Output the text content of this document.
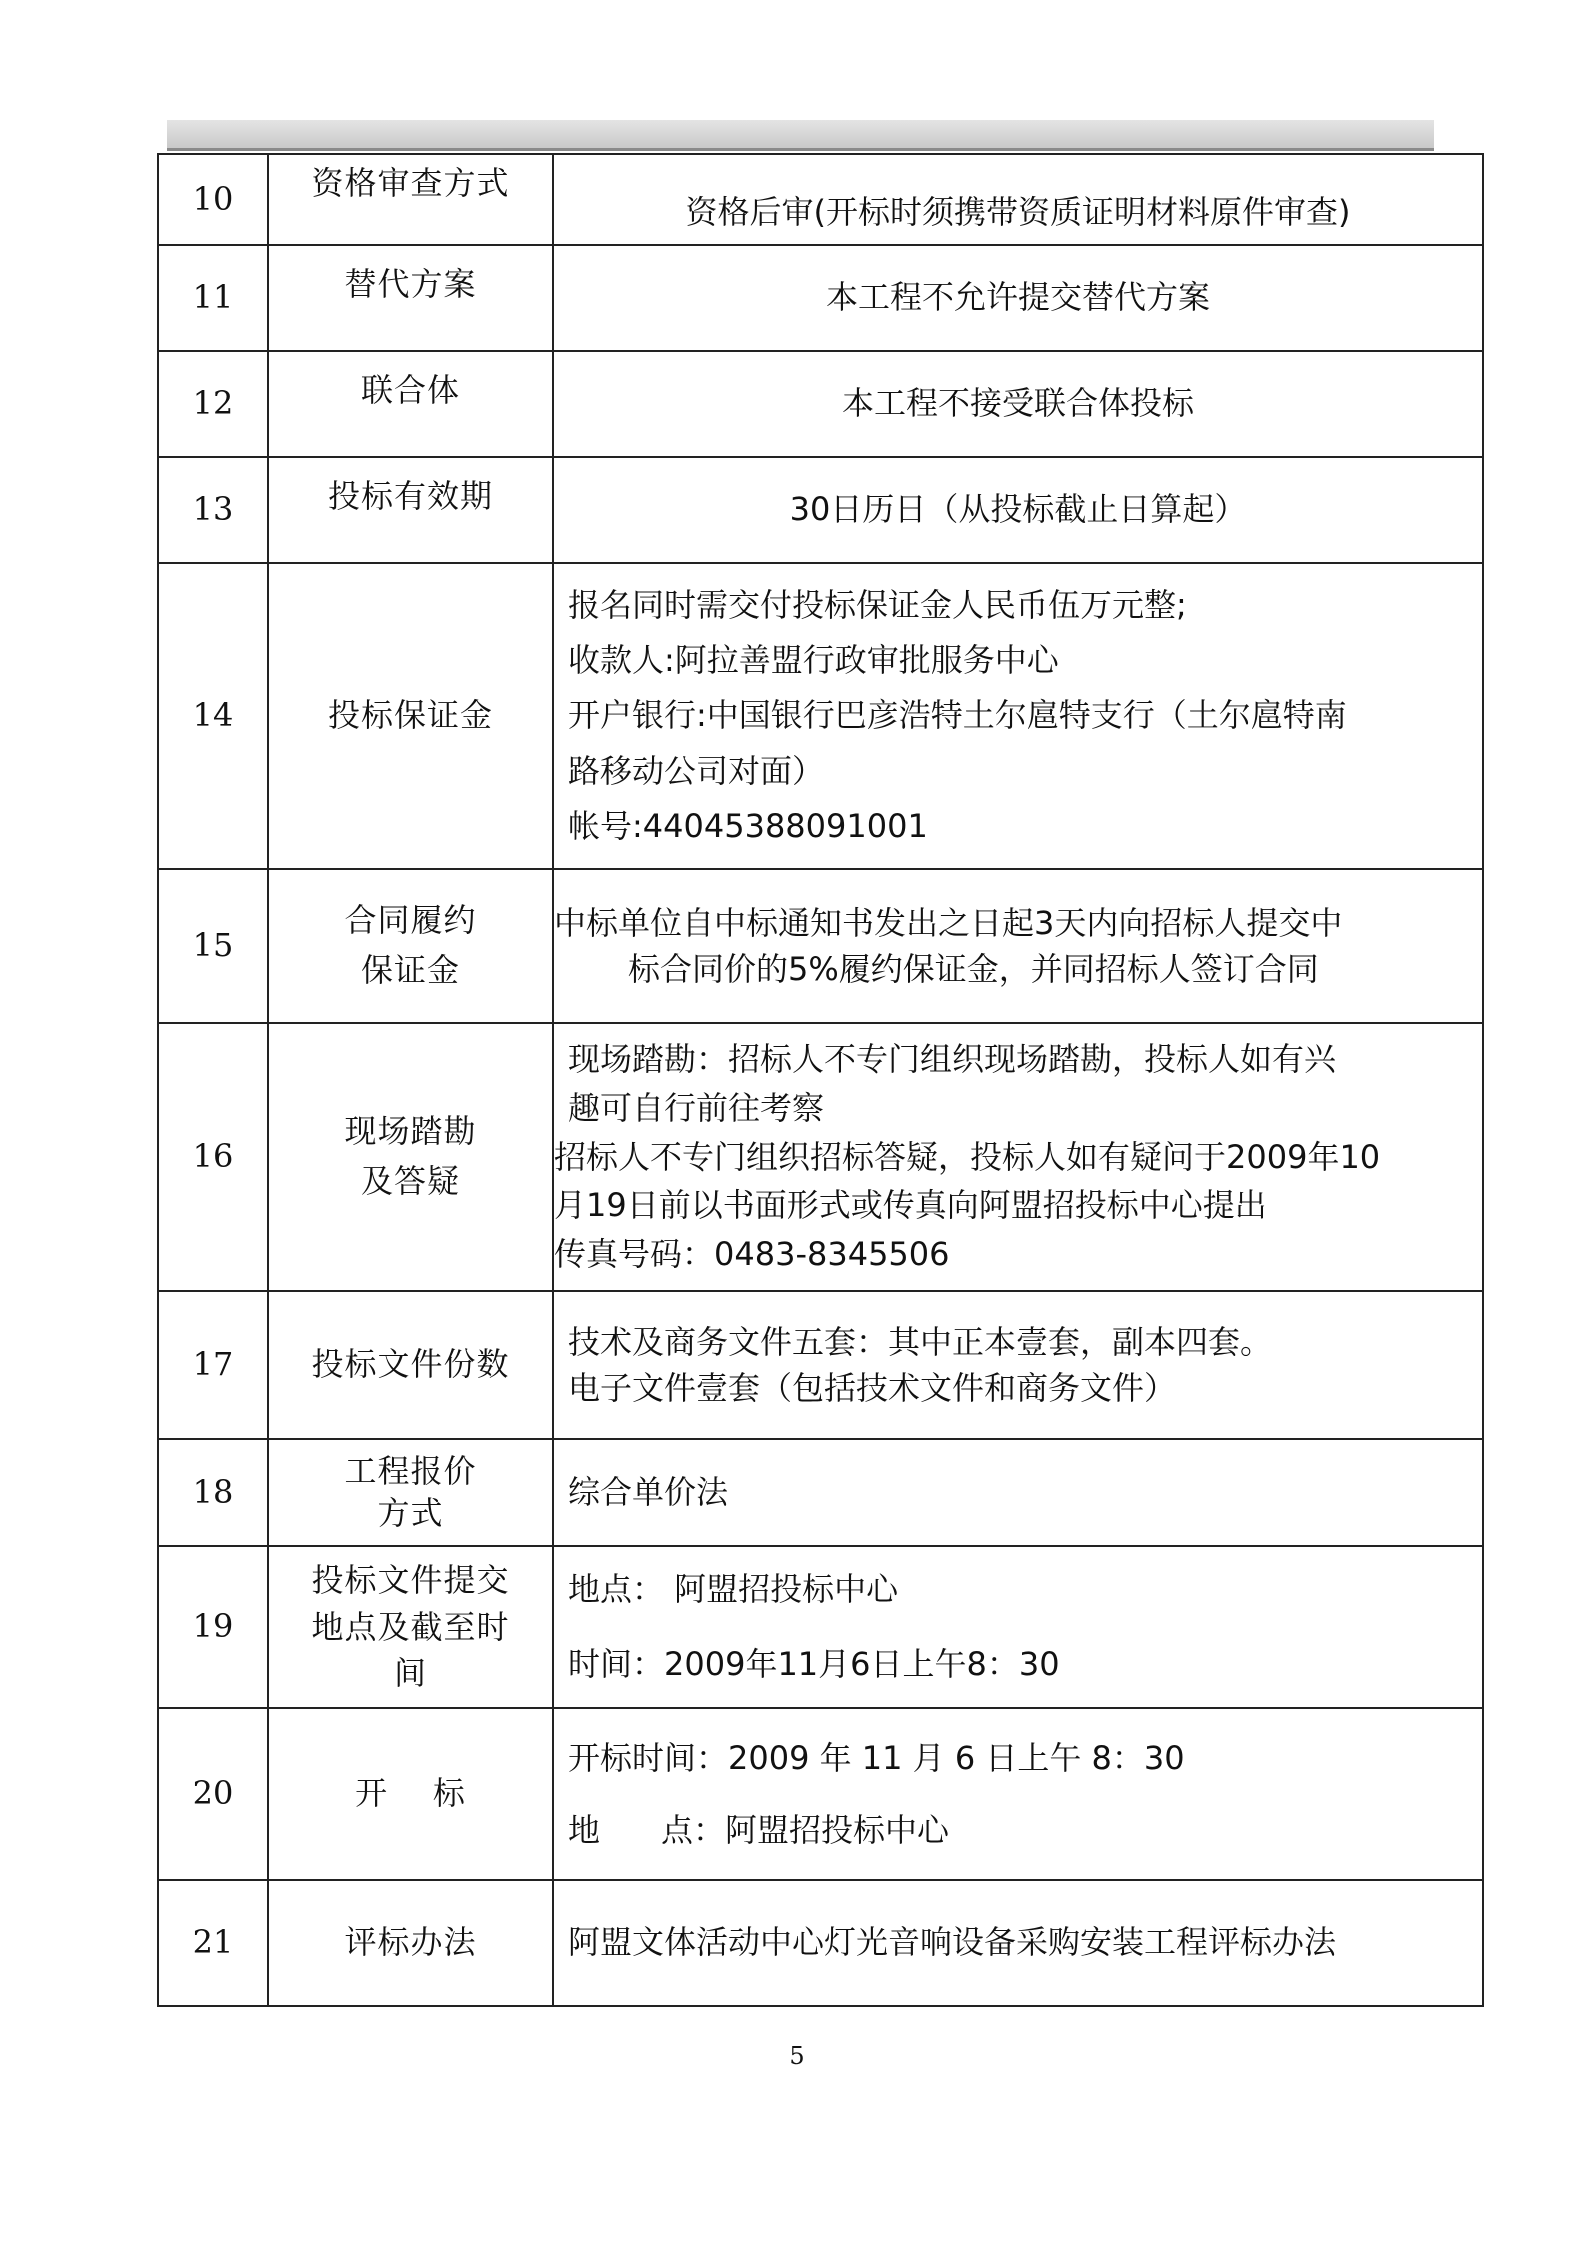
10	资格审查方式	资格后审(开标时须携带资质证明材料原件审查)

11	替代方案	本工程不允许提交替代方案

12	联合体	本工程不接受联合体投标

13	投标有效期	30日历日（从投标截止日算起）

14	投标保证金	报名同时需交付投标保证金人民币伍万元整;
收款人:阿拉善盟行政审批服务中心
开户银行:中国银行巴彦浩特土尔扈特支行（土尔扈特南
路移动公司对面）
帐号:44045388091001

15	合同履约
保证金	中标单位自中标通知书发出之日起3天内向招标人提交中
标合同价的5%履约保证金，并同招标人签订合同

16	现场踏勘
及答疑	现场踏勘：招标人不专门组织现场踏勘，投标人如有兴
趣可自行前往考察
招标人不专门组织招标答疑，投标人如有疑问于2009年10
月19日前以书面形式或传真向阿盟招投标中心提出
传真号码：0483-8345506

17	投标文件份数	技术及商务文件五套：其中正本壹套，副本四套。
电子文件壹套（包括技术文件和商务文件）

18	工程报价
方式	综合单价法

19	投标文件提交
地点及截至时
间	地点： 阿盟招投标中心
时间：2009年11月6日上午8：30

20	开    标	开标时间：2009 年 11 月 6 日上午 8：30
地      点：阿盟招投标中心

21	评标办法	阿盟文体活动中心灯光音响设备采购安装工程评标办法
5
